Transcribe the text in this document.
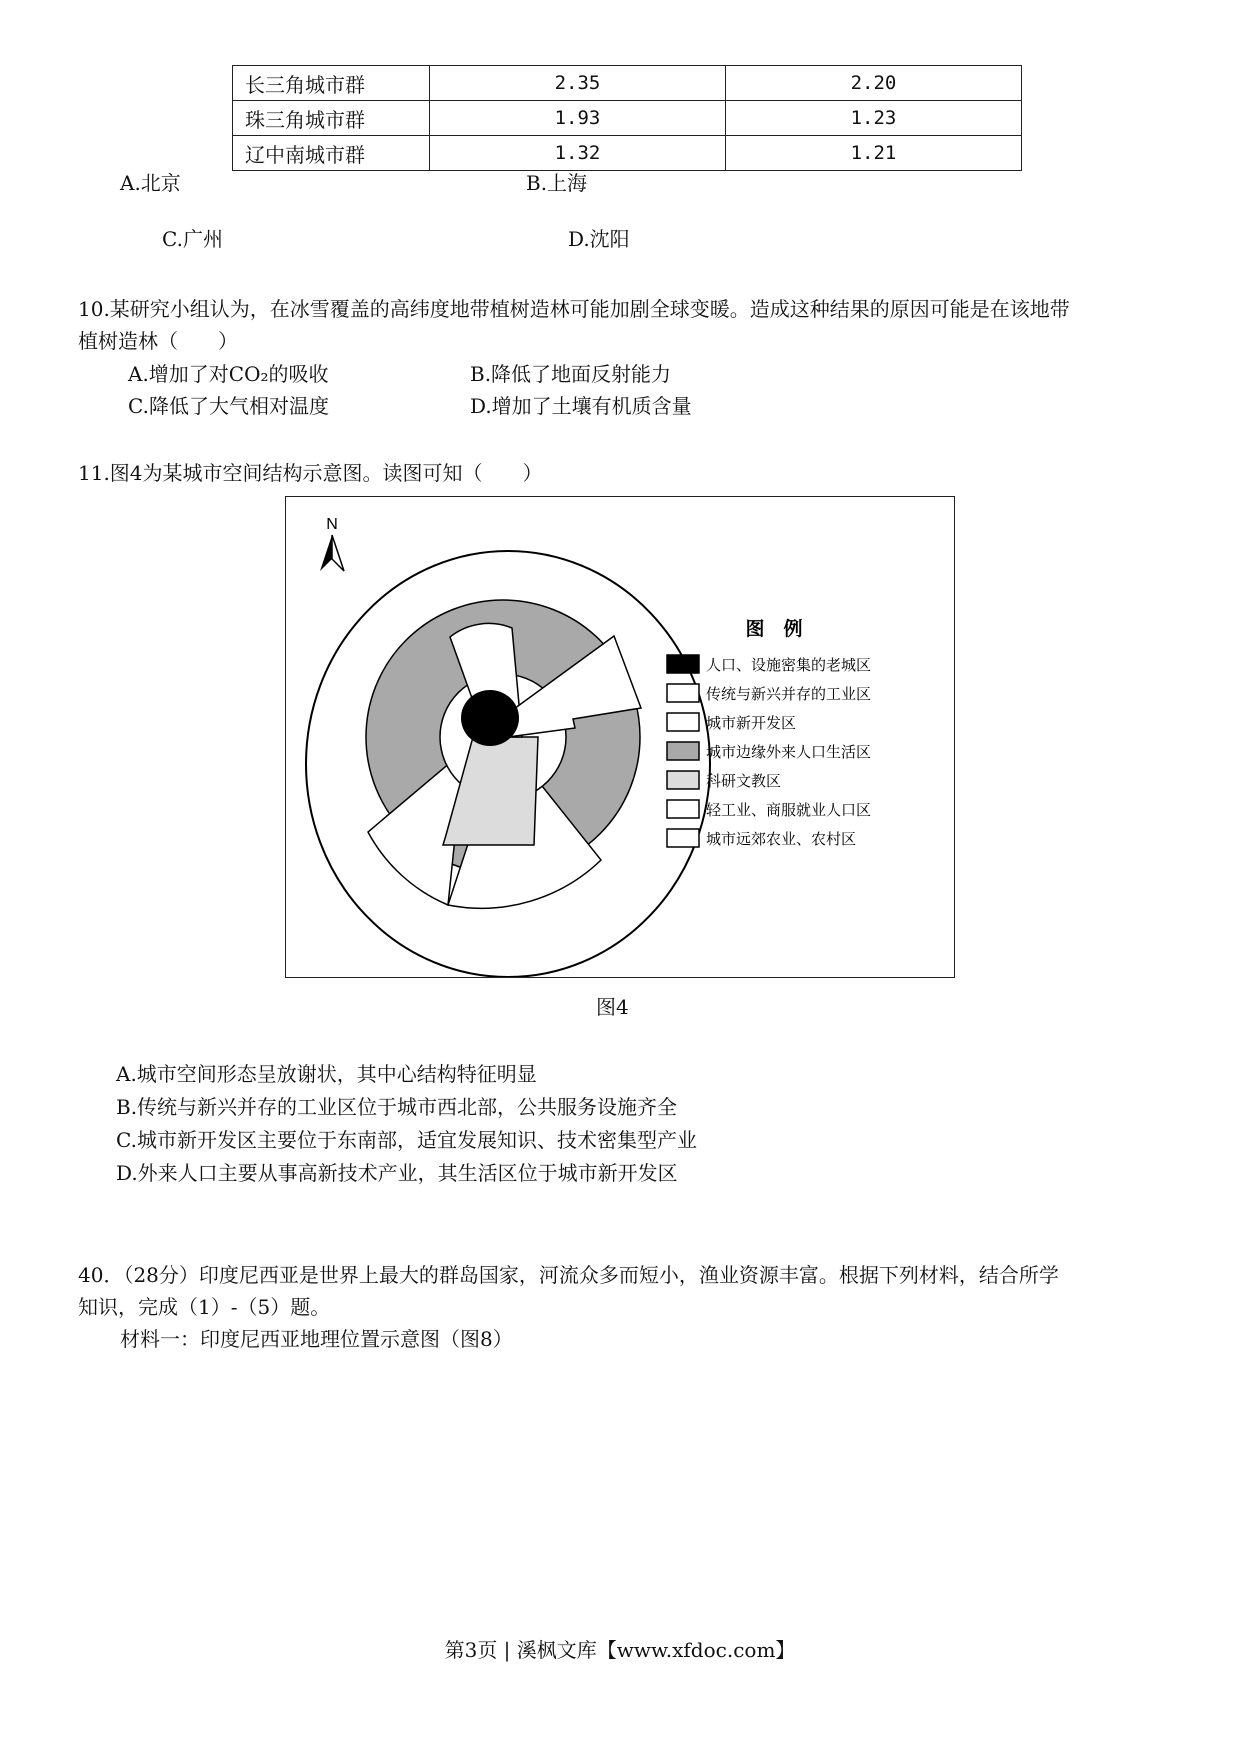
长三角城市群	2.35	2.20
珠三角城市群	1.93	1.23
辽中南城市群	1.32	1.21
A.北京	B.上海
C.广州	D.沈阳
10.某研究小组认为，在冰雪覆盖的高纬度地带植树造林可能加剧全球变暖。造成这种结果的原因可能是在该地带
植树造林（　　）
A.增加了对CO₂的吸收	B.降低了地面反射能力
C.降低了大气相对温度	D.增加了土壤有机质含量
11.图4为某城市空间结构示意图。读图可知（　　）
N
图　例
人口、设施密集的老城区
传统与新兴并存的工业区
城市新开发区
城市边缘外来人口生活区
科研文教区
轻工业、商服就业人口区
城市远郊农业、农村区
图4
A.城市空间形态呈放谢状，其中心结构特征明显
B.传统与新兴并存的工业区位于城市西北部，公共服务设施齐全
C.城市新开发区主要位于东南部，适宜发展知识、技术密集型产业
D.外来人口主要从事高新技术产业，其生活区位于城市新开发区
40．（28分）印度尼西亚是世界上最大的群岛国家，河流众多而短小，渔业资源丰富。根据下列材料，结合所学
知识，完成（1）-（5）题。
材料一：印度尼西亚地理位置示意图（图8）
第3页 | 溪枫文库【www.xfdoc.com】
